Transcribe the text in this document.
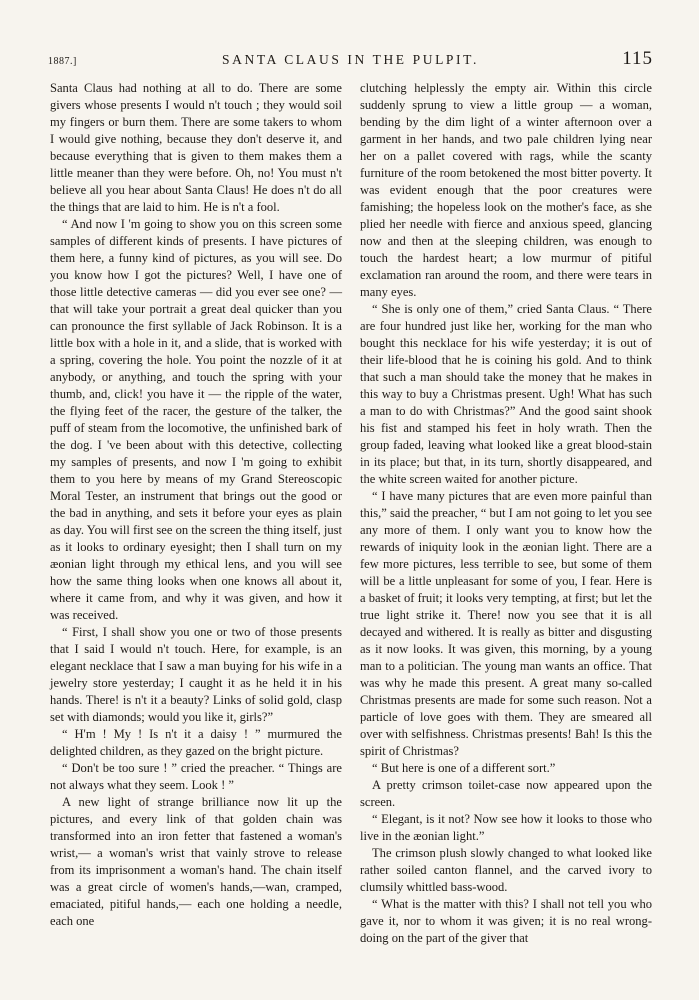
1887.]	SANTA CLAUS IN THE PULPIT.	115

Santa Claus had nothing at all to do. There are some givers whose presents I would n't touch ; they would soil my fingers or burn them. There are some takers to whom I would give nothing, because they don't deserve it, and because everything that is given to them makes them a little meaner than they were before. Oh, no! You must n't believe all you hear about Santa Claus! He does n't do all the things that are laid to him. He is n't a fool.

“ And now I 'm going to show you on this screen some samples of different kinds of presents. I have pictures of them here, a funny kind of pictures, as you will see. Do you know how I got the pictures? Well, I have one of those little detective cameras — did you ever see one? — that will take your portrait a great deal quicker than you can pronounce the first syllable of Jack Robinson. It is a little box with a hole in it, and a slide, that is worked with a spring, covering the hole. You point the nozzle of it at anybody, or anything, and touch the spring with your thumb, and, click! you have it — the ripple of the water, the flying feet of the racer, the gesture of the talker, the puff of steam from the locomotive, the unfinished bark of the dog. I 've been about with this detective, collecting my samples of presents, and now I 'm going to exhibit them to you here by means of my Grand Stereoscopic Moral Tester, an instrument that brings out the good or the bad in anything, and sets it before your eyes as plain as day. You will first see on the screen the thing itself, just as it looks to ordinary eyesight; then I shall turn on my æonian light through my ethical lens, and you will see how the same thing looks when one knows all about it, where it came from, and why it was given, and how it was received.

“ First, I shall show you one or two of those presents that I said I would n't touch. Here, for example, is an elegant necklace that I saw a man buying for his wife in a jewelry store yesterday; I caught it as he held it in his hands. There! is n't it a beauty? Links of solid gold, clasp set with diamonds; would you like it, girls?”

“ H'm ! My ! Is n't it a daisy ! ” murmured the delighted children, as they gazed on the bright picture.

“ Don't be too sure ! ” cried the preacher. “ Things are not always what they seem. Look ! ”

A new light of strange brilliance now lit up the pictures, and every link of that golden chain was transformed into an iron fetter that fastened a woman's wrist,— a woman's wrist that vainly strove to release from its imprisonment a woman's hand. The chain itself was a great circle of women's hands,—wan, cramped, emaciated, pitiful hands,— each one holding a needle, each one

clutching helplessly the empty air. Within this circle suddenly sprung to view a little group — a woman, bending by the dim light of a winter afternoon over a garment in her hands, and two pale children lying near her on a pallet covered with rags, while the scanty furniture of the room betokened the most bitter poverty. It was evident enough that the poor creatures were famishing; the hopeless look on the mother's face, as she plied her needle with fierce and anxious speed, glancing now and then at the sleeping children, was enough to touch the hardest heart; a low murmur of pitiful exclamation ran around the room, and there were tears in many eyes.

“ She is only one of them,” cried Santa Claus. “ There are four hundred just like her, working for the man who bought this necklace for his wife yesterday; it is out of their life-blood that he is coining his gold. And to think that such a man should take the money that he makes in this way to buy a Christmas present. Ugh! What has such a man to do with Christmas?” And the good saint shook his fist and stamped his feet in holy wrath. Then the group faded, leaving what looked like a great blood-stain in its place; but that, in its turn, shortly disappeared, and the white screen waited for another picture.

“ I have many pictures that are even more painful than this,” said the preacher, “ but I am not going to let you see any more of them. I only want you to know how the rewards of iniquity look in the æonian light. There are a few more pictures, less terrible to see, but some of them will be a little unpleasant for some of you, I fear. Here is a basket of fruit; it looks very tempting, at first; but let the true light strike it. There! now you see that it is all decayed and withered. It is really as bitter and disgusting as it now looks. It was given, this morning, by a young man to a politician. The young man wants an office. That was why he made this present. A great many so-called Christmas presents are made for some such reason. Not a particle of love goes with them. They are smeared all over with selfishness. Christmas presents! Bah! Is this the spirit of Christmas?

“ But here is one of a different sort.”

A pretty crimson toilet-case now appeared upon the screen.

“ Elegant, is it not? Now see how it looks to those who live in the æonian light.”

The crimson plush slowly changed to what looked like rather soiled canton flannel, and the carved ivory to clumsily whittled bass-wood.

“ What is the matter with this? I shall not tell you who gave it, nor to whom it was given; it is no real wrong-doing on the part of the giver that
